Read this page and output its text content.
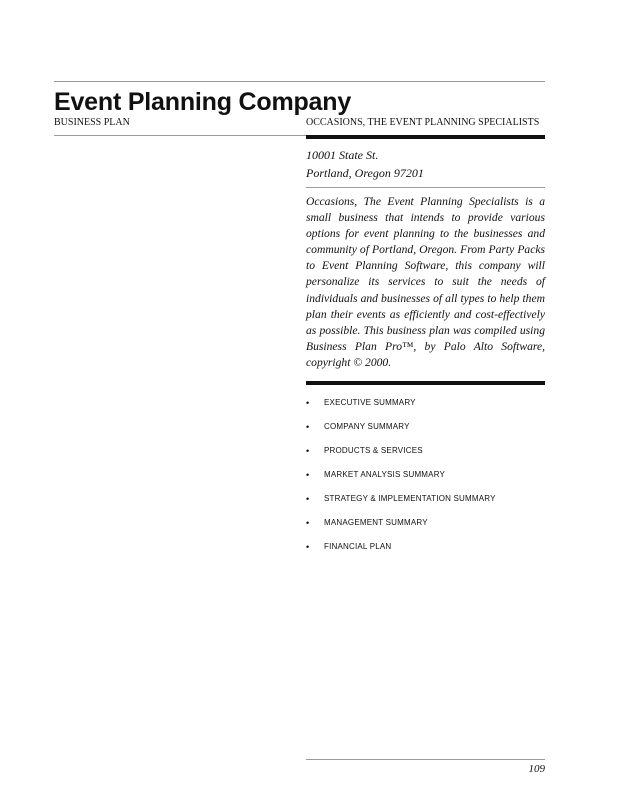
Event Planning Company
BUSINESS PLAN	OCCASIONS, THE EVENT PLANNING SPECIALISTS
10001 State St.
Portland, Oregon 97201

Occasions, The Event Planning Specialists is a small business that intends to provide various options for event planning to the businesses and community of Portland, Oregon. From Party Packs to Event Planning Software, this company will personalize its services to suit the needs of individuals and businesses of all types to help them plan their events as efficiently and cost-effectively as possible. This business plan was compiled using Business Plan Pro™, by Palo Alto Software, copyright © 2000.

• EXECUTIVE SUMMARY
• COMPANY SUMMARY
• PRODUCTS & SERVICES
• MARKET ANALYSIS SUMMARY
• STRATEGY & IMPLEMENTATION SUMMARY
• MANAGEMENT SUMMARY
• FINANCIAL PLAN
109
